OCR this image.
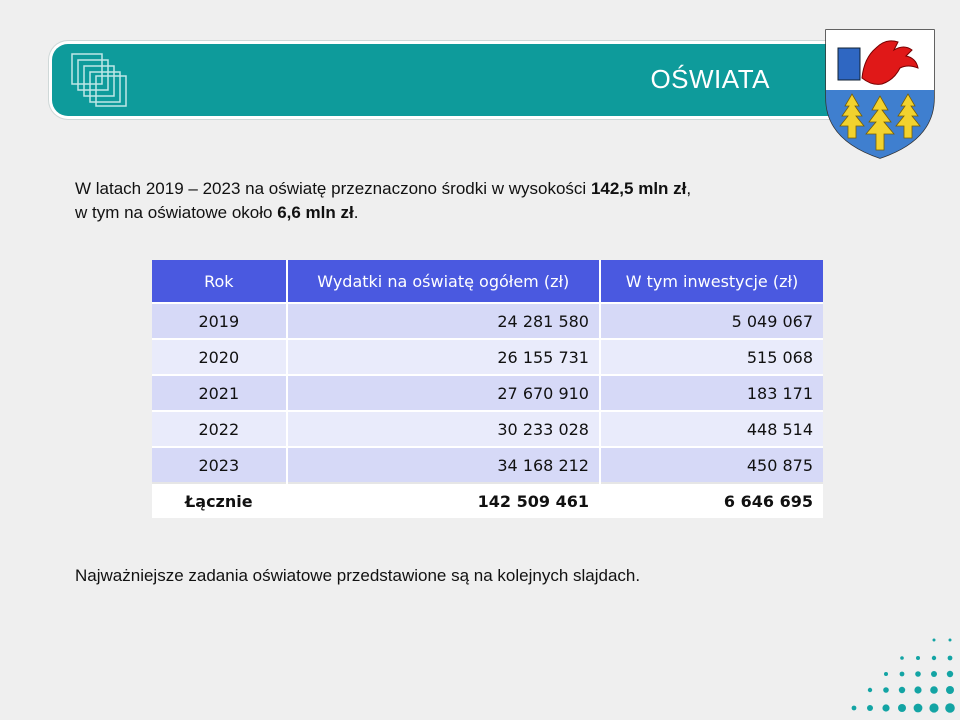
OŚWIATA
W latach 2019 – 2023 na oświatę przeznaczono środki w wysokości 142,5 mln zł,
w tym na oświatowe około 6,6 mln zł.
Rok	Wydatki na oświatę ogółem (zł)	W tym inwestycje (zł)
2019	24 281 580	5 049 067
2020	26 155 731	515 068
2021	27 670 910	183 171
2022	30 233 028	448 514
2023	34 168 212	450 875
Łącznie	142 509 461	6 646 695
Najważniejsze zadania oświatowe przedstawione są na kolejnych slajdach.
